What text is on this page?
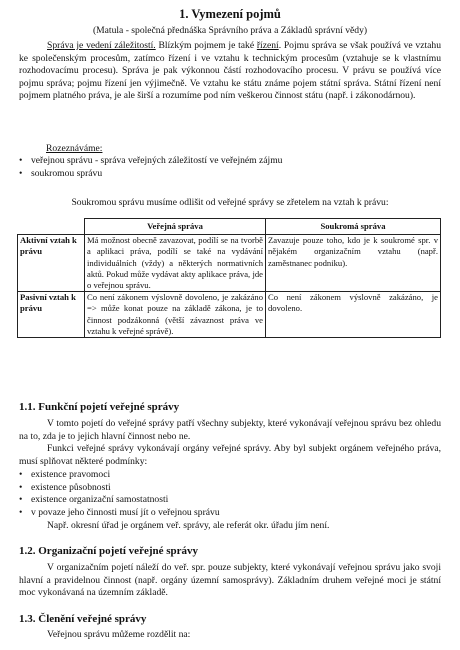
1. Vymezení pojmů
(Matula - společná přednáška Správního práva a Základů správní vědy)

Správa je vedení záležitostí. Blízkým pojmem je také řízení. Pojmu správa se však používá ve vztahu ke společenským procesům, zatímco řízení i ve vztahu k technickým procesům (vztahuje se k vlastnímu rozhodovacímu procesu). Správa je pak výkonnou částí rozhodovacího procesu. V právu se používá více pojmu správa; pojmu řízení jen výjimečně. Ve vztahu ke státu známe pojem státní správa. Státní řízení není pojmem platného práva, je ale širší a rozumíme pod ním veškerou činnost státu (např. i zákonodárnou).

Rozeznáváme:
• veřejnou správu - správa veřejných záležitostí ve veřejném zájmu
• soukromou správu
Soukromou správu musíme odlišit od veřejné správy se zřetelem na vztah k právu:
	Veřejná správa	Soukromá správa
Aktivní vztah k právu	Má možnost obecně zavazovat, podílí se na tvorbě a aplikaci práva, podílí se také na vydávání individuálních (vždy) a některých normativních aktů. Pokud může vydávat akty aplikace práva, jde o veřejnou správu.	Zavazuje pouze toho, kdo je k soukromé spr. v nějakém organizačním vztahu (např. zaměstnanec podniku).
Pasivní vztah k právu	Co není zákonem výslovně dovoleno, je zakázáno => může konat pouze na základě zákona, je to činnost podzákonná (větší závaznost práva ve vztahu k veřejné správě).	Co není zákonem výslovně zakázáno, je dovoleno.
1.1. Funkční pojetí veřejné správy

V tomto pojetí do veřejné správy patří všechny subjekty, které vykonávají veřejnou správu bez ohledu na to, zda je to jejich hlavní činnost nebo ne.

Funkci veřejné správy vykonávají orgány veřejné správy. Aby byl subjekt orgánem veřejného práva, musí splňovat některé podmínky:

• existence pravomoci
• existence působnosti
• existence organizační samostatnosti
• v povaze jeho činnosti musí jít o veřejnou správu
Např. okresní úřad je orgánem veř. správy, ale referát okr. úřadu jím není.
1.2. Organizační pojetí veřejné správy

V organizačním pojetí náleží do veř. spr. pouze subjekty, které vykonávají veřejnou správu jako svoji hlavní a pravidelnou činnost (např. orgány územní samosprávy). Základním druhem veřejné moci je státní moc vykonávaná na územním základě.

1.3. Členění veřejné správy
Veřejnou správu můžeme rozdělit na:
